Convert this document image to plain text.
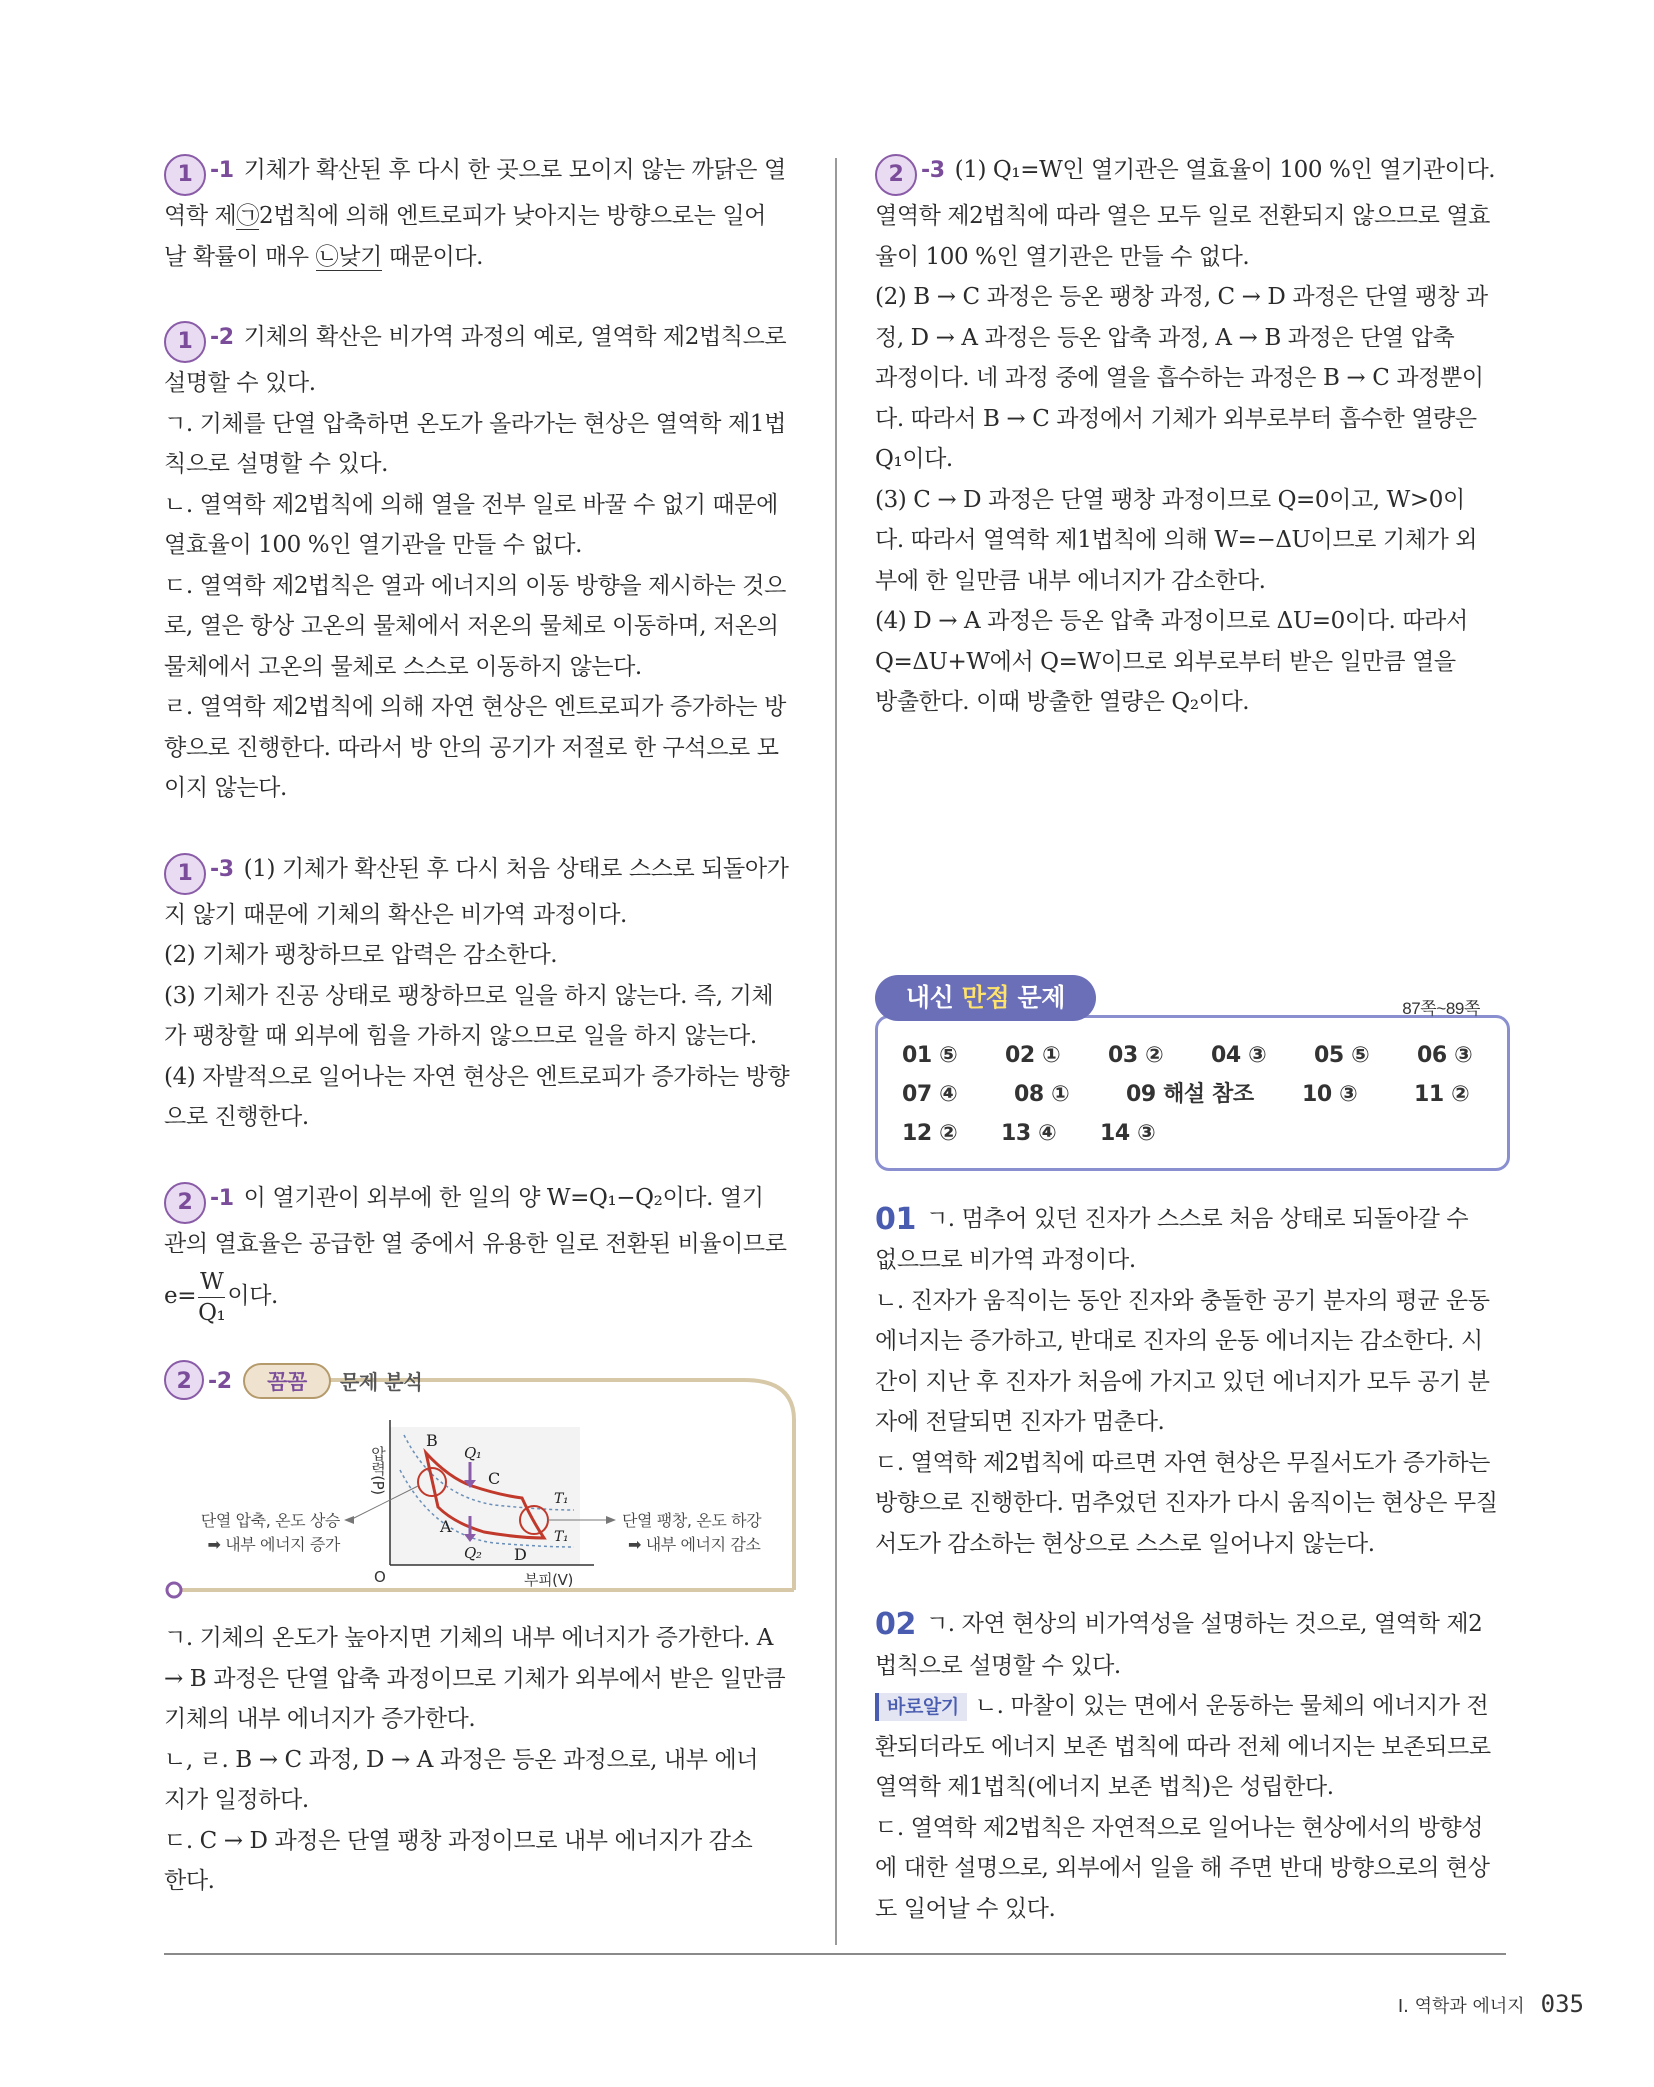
1 -1 기체가 확산된 후 다시 한 곳으로 모이지 않는 까닭은 열

역학 제㉠2법칙에 의해 엔트로피가 낮아지는 방향으로는 일어

날 확률이 매우 ㉡낮기 때문이다.

1 -2 기체의 확산은 비가역 과정의 예로, 열역학 제2법칙으로

설명할 수 있다.

ㄱ. 기체를 단열 압축하면 온도가 올라가는 현상은 열역학 제1법

칙으로 설명할 수 있다.

ㄴ. 열역학 제2법칙에 의해 열을 전부 일로 바꿀 수 없기 때문에

열효율이 100 %인 열기관을 만들 수 없다.

ㄷ. 열역학 제2법칙은 열과 에너지의 이동 방향을 제시하는 것으

로, 열은 항상 고온의 물체에서 저온의 물체로 이동하며, 저온의

물체에서 고온의 물체로 스스로 이동하지 않는다.

ㄹ. 열역학 제2법칙에 의해 자연 현상은 엔트로피가 증가하는 방

향으로 진행한다. 따라서 방 안의 공기가 저절로 한 구석으로 모

이지 않는다.

1 -3 (1) 기체가 확산된 후 다시 처음 상태로 스스로 되돌아가

지 않기 때문에 기체의 확산은 비가역 과정이다.

(2) 기체가 팽창하므로 압력은 감소한다.

(3) 기체가 진공 상태로 팽창하므로 일을 하지 않는다. 즉, 기체

가 팽창할 때 외부에 힘을 가하지 않으므로 일을 하지 않는다.

(4) 자발적으로 일어나는 자연 현상은 엔트로피가 증가하는 방향

으로 진행한다.

2 -1 이 열기관이 외부에 한 일의 양 W=Q₁−Q₂이다. 열기

관의 열효율은 공급한 열 중에서 유용한 일로 전환된 비율이므로

$e= \frac{W}{\text{Q₁}}$ 이다.

2 -2 꼼꼼 문제 분석
압력(P)
부피(V)
O
B
C
A
D
Q₁
Q₂
T₁
T₁
단열 압축, 온도 상승
➡ 내부 에너지 증가
단열 팽창, 온도 하강
➡ 내부 에너지 감소

ㄱ. 기체의 온도가 높아지면 기체의 내부 에너지가 증가한다. A

→ B 과정은 단열 압축 과정이므로 기체가 외부에서 받은 일만큼

기체의 내부 에너지가 증가한다.

ㄴ, ㄹ. B → C 과정, D → A 과정은 등온 과정으로, 내부 에너

지가 일정하다.

ㄷ. C → D 과정은 단열 팽창 과정이므로 내부 에너지가 감소

한다.

2 -3 (1) Q₁=W인 열기관은 열효율이 100 %인 열기관이다.

열역학 제2법칙에 따라 열은 모두 일로 전환되지 않으므로 열효

율이 100 %인 열기관은 만들 수 없다.

(2) B → C 과정은 등온 팽창 과정, C → D 과정은 단열 팽창 과

정, D → A 과정은 등온 압축 과정, A → B 과정은 단열 압축

과정이다. 네 과정 중에 열을 흡수하는 과정은 B → C 과정뿐이

다. 따라서 B → C 과정에서 기체가 외부로부터 흡수한 열량은

Q₁이다.

(3) C → D 과정은 단열 팽창 과정이므로 Q=0이고, W>0이

다. 따라서 열역학 제1법칙에 의해 W=−ΔU이므로 기체가 외

부에 한 일만큼 내부 에너지가 감소한다.

(4) D → A 과정은 등온 압축 과정이므로 ΔU=0이다. 따라서

Q=ΔU+W에서 Q=W이므로 외부로부터 받은 일만큼 열을

방출한다. 이때 방출한 열량은 Q₂이다.

01 ⑤	02 ①	03 ②	04 ③	05 ⑤	06 ③
07 ④	08 ①	09 해설 참조	10 ③	11 ②
12 ②	13 ④	14 ③
내신 만점 문제	87쪽~89쪽

01 ㄱ. 멈추어 있던 진자가 스스로 처음 상태로 되돌아갈 수

없으므로 비가역 과정이다.

ㄴ. 진자가 움직이는 동안 진자와 충돌한 공기 분자의 평균 운동

에너지는 증가하고, 반대로 진자의 운동 에너지는 감소한다. 시

간이 지난 후 진자가 처음에 가지고 있던 에너지가 모두 공기 분

자에 전달되면 진자가 멈춘다.

ㄷ. 열역학 제2법칙에 따르면 자연 현상은 무질서도가 증가하는

방향으로 진행한다. 멈추었던 진자가 다시 움직이는 현상은 무질

서도가 감소하는 현상으로 스스로 일어나지 않는다.

02 ㄱ. 자연 현상의 비가역성을 설명하는 것으로, 열역학 제2

법칙으로 설명할 수 있다.

바로알기 ㄴ. 마찰이 있는 면에서 운동하는 물체의 에너지가 전

환되더라도 에너지 보존 법칙에 따라 전체 에너지는 보존되므로

열역학 제1법칙(에너지 보존 법칙)은 성립한다.

ㄷ. 열역학 제2법칙은 자연적으로 일어나는 현상에서의 방향성

에 대한 설명으로, 외부에서 일을 해 주면 반대 방향으로의 현상

도 일어날 수 있다.

Ⅰ. 역학과 에너지 035
